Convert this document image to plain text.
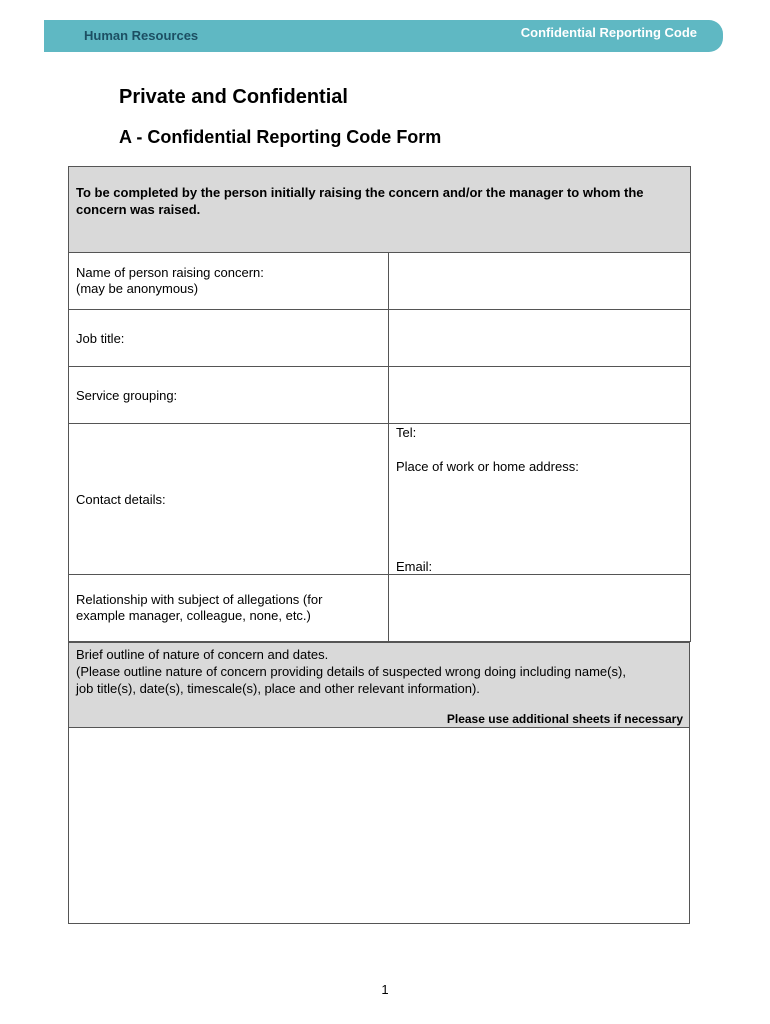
Human Resources	Confidential Reporting Code
Private and Confidential
A - Confidential Reporting Code Form
To be completed by the person initially raising the concern and/or the manager to whom the concern was raised.	

Name of person raising concern:
(may be anonymous)	

Job title:	
Service grouping:	
Contact details:	Tel:
Place of work or home address:
Email:

Relationship with subject of allegations (for
example manager, colleague, none, etc.)	

Brief outline of nature of concern and dates.
(Please outline nature of concern providing details of suspected wrong doing including name(s),
job title(s), date(s), timescale(s), place and other relevant information).
Please use additional sheets if necessary
1
